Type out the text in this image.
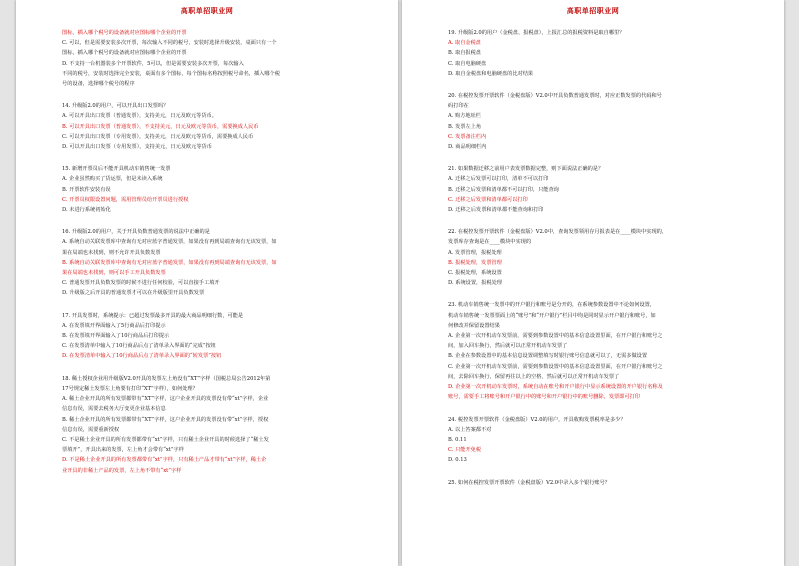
高职单招职业网
图标，插入哪个税号的设备就对应图标哪个企业的开票
C. 可以，但是需要安装多次开票，每次输入不同的税号，安装时选择升级安装，桌面只有一个
图标，插入哪个税号的设备就对应图标哪个企业的开票
D. 不支持一台机器装多个开票软件，5可以，但是需要安装多次开票，每次输入
不同的税号，安装时选择完全安装，桌面有多个图标，每个图标名称按照税号命名，插入哪个税
号的设备，选择哪个税号的程序
14. 升级版2.0的用户，可以开具出口发票吗？
A. 可以开具出口发票（普通发票），支持美元，日元及欧元等货币。
B. 可以开具出口发票（普通发票），不支持美元，日元及欧元等货币，需要换成人民币
C. 可以开具出口发票（专用发票），支持美元，日元及欧元等货币，需要换成人民币
D. 可以开具出口发票（专用发票），支持美元，日元及欧元等货币
15. 新增开票员后不能开具机动车销售统一发票
A. 企业虽然购买了货运票，但是未读入系统
B. 开票软件安装有误
C. 开票员权限设置问题，需用管理员给开票员进行授权
D. 未进行系统初始化
16. 升级版2.0的用户，关于开具负数普通发票的说法中正确的是
A. 系统自动关联发票库中查询有无对应蓝字普通发票，如果没有再到局端查询有无该发票，如
果在局端也未找到，则不允许开具负数发票
B. 系统自动关联发票库中查询有无对应蓝字普通发票，如果没有再到局端查询有无该发票，如
果在局端也未找到，则可以手工开具负数发票
C. 普通发票开具负数发票的时候不进行任何校验，可以直接手工填开
D. 升级版之后开具的普通发票才可以在升级版里开具负数发票
17. 开具发票时，系统提示：已超过发票最多开具的最大商品明细行数，可能是
A. 在发票填开界面输入了5行商品后打印提示
B. 在发票填开界面输入了10行商品后打印提示
C. 在发票清单中输入了10行商品后点了清单录入界面的“完成”按钮
D. 在发票清单中输入了10行商品后点了清单录入界面的“转发票”按钮
18. 稀土授权企业用升级版V2.0开具的发票左上角没有“XT”字样（国税总局公告2012年第
17号规定稀土发票左上角要有打印“XT”字样），如何处理？
A. 稀土企业开具的所有发票都带有“XT”字样，这户企业开具的发票没有带“xt”字样，企业
信息有误，需要去税务大厅变更企业基本信息
B. 稀土企业开具的所有发票都带有“XT”字样，这户企业开具的发票没有带“xt”字样，授权
信息有误，需要重新授权
C. 不是稀土企业开具的所有发票都带有“xt”字样，只有稀土企业开具的时候选择了“稀土发
票填开”，开具出来的发票，左上角才会带有“xt”字样
D. 不是稀土企业开具的所有发票都带有“xt”字样，只有稀土产品才带有“xt”字样，稀土企
业开具的非稀土产品的发票，左上角不带有“xt”字样
高职单招职业网
19. 升级版2.0的用户（金税盘、报税盘），上报汇总的报税资料是取自哪里？
A. 取自金税盘
B. 取自报税盘
C. 取自电脑硬盘
D. 取自金税盘和电脑硬盘的比对结果
20. 在税控发票开票软件（金税盘版）V2.0中开具负数普通发票时，对应正数发票的代码和号
码打印在
A. 购方地址栏
B. 发票左上角
C. 发票备注栏内
D. 商品明细栏内
21. 如果数据迁移之前用户表发票数据完整，则下面说法正确的是？
A. 迁移之后发票可以打印，清单不可以打印
B. 迁移之后发票和清单都不可以打印，只能查询
C. 迁移之后发票和清单都可以打印
D. 迁移之后发票和清单都不能查询和打印
22. 在税控发票开票软件（金税盘版）V2.0中，查询发票领用存月报表是在____模块中实现的，
发票库存查询是在____模块中实现的
A. 发票管理，报税处理
B. 报税处理，发票管理
C. 报税处理，系统设置
D. 系统设置，报税处理
23. 机动车销售统一发票中的开户银行和账号是分开的，在系统参数设置中不论如何设置，
机动车销售统一发票票面上的“账号”和“开户银行”栏目中均是同时显示开户银行和账号，如
何修改并保留设置结果
A. 企业第一次开机动车发票前，需要到参数设置中的基本信息设置里面，在开户银行和账号之
间，加入回车换行，然后就可以正常开机动车发票了
B. 企业在参数设置中的基本信息设置调整填写时银行账号信息就可以了，无需多做设置
C. 企业第一次开机动车发票前，需要到参数设置中的基本信息设置里面，在开户银行和账号之
间，去除回车换行，保留再往以上的空格，然后就可以正常开机动车发票了
D. 企业第一次开机动车发票时，系统自动在账号和开户银行中显示系统设置的开户银行名称及
账号，需要手工将账号和开户银行中的账号和开户银行中的账号删除，发票即可打印
24. 税控发票开票软件（金税盘版）V2.0的用户，开具收购发票税率是多少？
A. 以上答案都不对
B. 0.11
C. 只能开免税
D. 0.13
25. 如何在税控发票开票软件（金税盘版）V2.0中录入多个银行账号？
